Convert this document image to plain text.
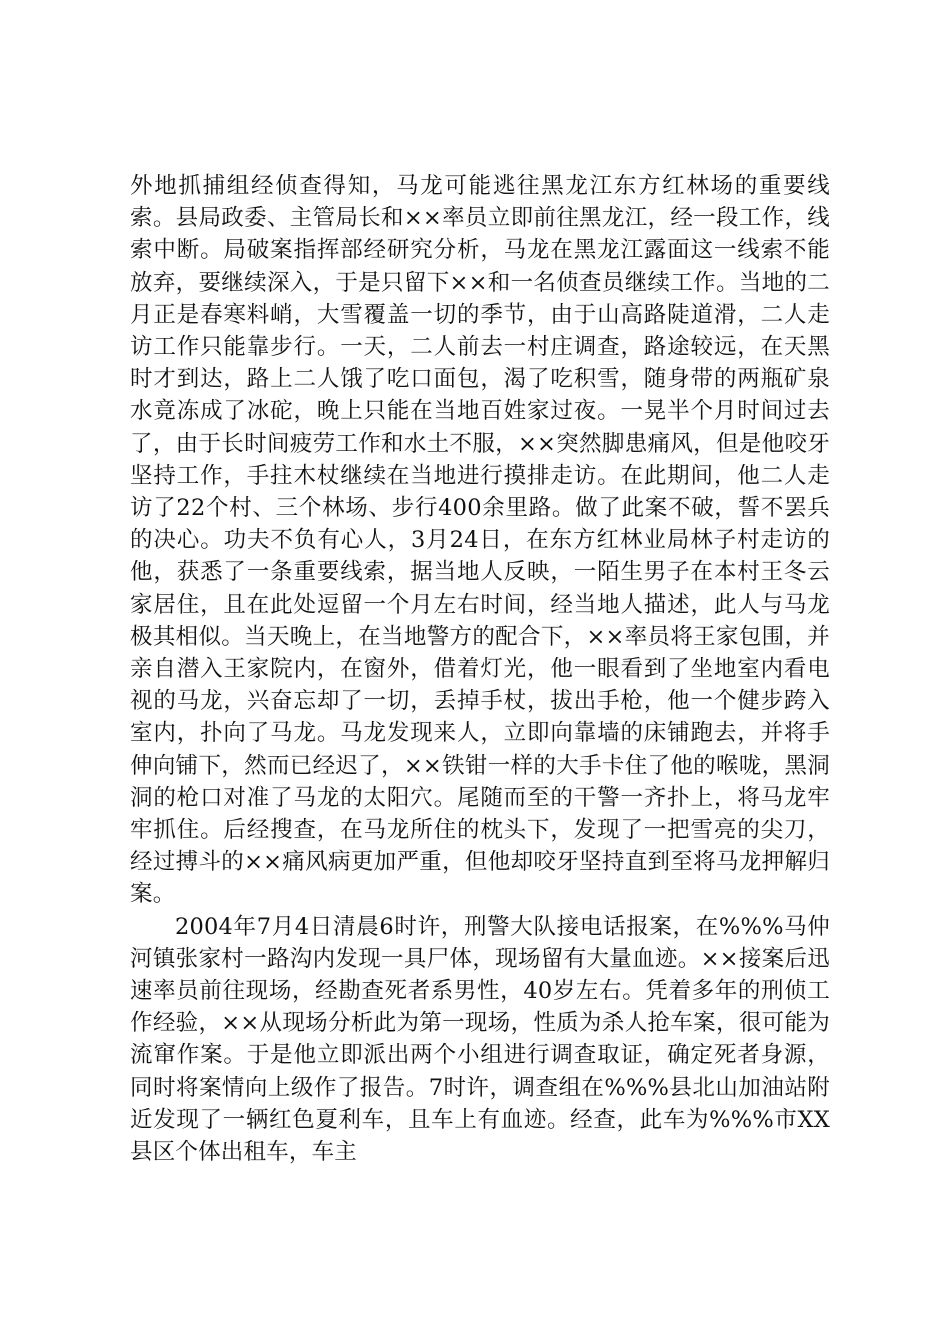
外地抓捕组经侦查得知，马龙可能逃往黑龙江东方红林场的重要线索。县局政委、主管局长和××率员立即前往黑龙江，经一段工作，线索中断。局破案指挥部经研究分析，马龙在黑龙江露面这一线索不能放弃，要继续深入，于是只留下××和一名侦查员继续工作。当地的二月正是春寒料峭，大雪覆盖一切的季节，由于山高路陡道滑，二人走访工作只能靠步行。一天，二人前去一村庄调查，路途较远，在天黑时才到达，路上二人饿了吃口面包，渴了吃积雪，随身带的两瓶矿泉水竟冻成了冰砣，晚上只能在当地百姓家过夜。一晃半个月时间过去了，由于长时间疲劳工作和水土不服，××突然脚患痛风，但是他咬牙坚持工作，手拄木杖继续在当地进行摸排走访。在此期间，他二人走访了22个村、三个林场、步行400余里路。做了此案不破，誓不罢兵的决心。功夫不负有心人，3月24日，在东方红林业局林子村走访的他，获悉了一条重要线索，据当地人反映，一陌生男子在本村王冬云家居住，且在此处逗留一个月左右时间，经当地人描述，此人与马龙极其相似。当天晚上，在当地警方的配合下，××率员将王家包围，并亲自潜入王家院内，在窗外，借着灯光，他一眼看到了坐地室内看电视的马龙，兴奋忘却了一切，丢掉手杖，拔出手枪，他一个健步跨入室内，扑向了马龙。马龙发现来人，立即向靠墙的床铺跑去，并将手伸向铺下，然而已经迟了，××铁钳一样的大手卡住了他的喉咙，黑洞洞的枪口对准了马龙的太阳穴。尾随而至的干警一齐扑上，将马龙牢牢抓住。后经搜查，在马龙所住的枕头下，发现了一把雪亮的尖刀，经过搏斗的××痛风病更加严重，但他却咬牙坚持直到至将马龙押解归案。

2004年7月4日清晨6时许，刑警大队接电话报案，在%%%马仲河镇张家村一路沟内发现一具尸体，现场留有大量血迹。××接案后迅速率员前往现场，经勘查死者系男性，40岁左右。凭着多年的刑侦工作经验，××从现场分析此为第一现场，性质为杀人抢车案，很可能为流窜作案。于是他立即派出两个小组进行调查取证，确定死者身源，同时将案情向上级作了报告。7时许，调查组在%%%县北山加油站附近发现了一辆红色夏利车，且车上有血迹。经查，此车为%%%市XX县区个体出租车，车主
